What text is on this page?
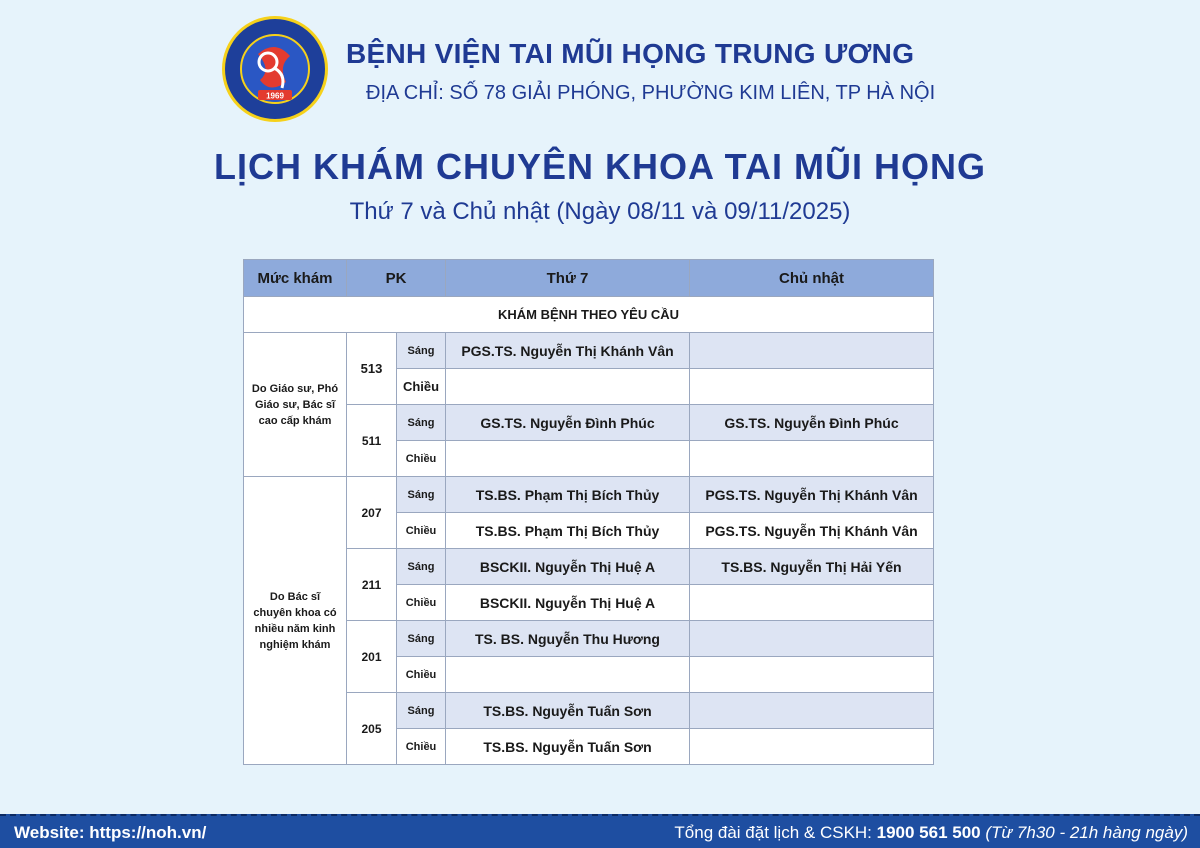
1969
BỆNH VIỆN TAI MŨI HỌNG TRUNG ƯƠNG
ĐỊA CHỈ: SỐ 78 GIẢI PHÓNG, PHƯỜNG KIM LIÊN, TP HÀ NỘI
LỊCH KHÁM CHUYÊN KHOA TAI MŨI HỌNG
Thứ 7 và Chủ nhật (Ngày 08/11 và 09/11/2025)
Mức khám	PK		Thứ 7	Chủ nhật
KHÁM BỆNH THEO YÊU CẦU				
Do Giáo sư, Phó Giáo sư, Bác sĩ cao cấp khám	513	Sáng	PGS.TS. Nguyễn Thị Khánh Vân	
		Chiều		
	511	Sáng	GS.TS. Nguyễn Đình Phúc	GS.TS. Nguyễn Đình Phúc
		Chiều		
Do Bác sĩ chuyên khoa có nhiều năm kinh nghiệm khám	207	Sáng	TS.BS. Phạm Thị Bích Thủy	PGS.TS. Nguyễn Thị Khánh Vân
		Chiều	TS.BS. Phạm Thị Bích Thủy	PGS.TS. Nguyễn Thị Khánh Vân
	211	Sáng	BSCKII. Nguyễn Thị Huệ A	TS.BS. Nguyễn Thị Hải Yến
		Chiều	BSCKII. Nguyễn Thị Huệ A	
	201	Sáng	TS. BS. Nguyễn Thu Hương	
		Chiều		
	205	Sáng	TS.BS. Nguyễn Tuấn Sơn	
		Chiều	TS.BS. Nguyễn Tuấn Sơn	
Website: https://noh.vn/	Tổng đài đặt lịch & CSKH: 1900 561 500 (Từ 7h30 - 21h hàng ngày)
